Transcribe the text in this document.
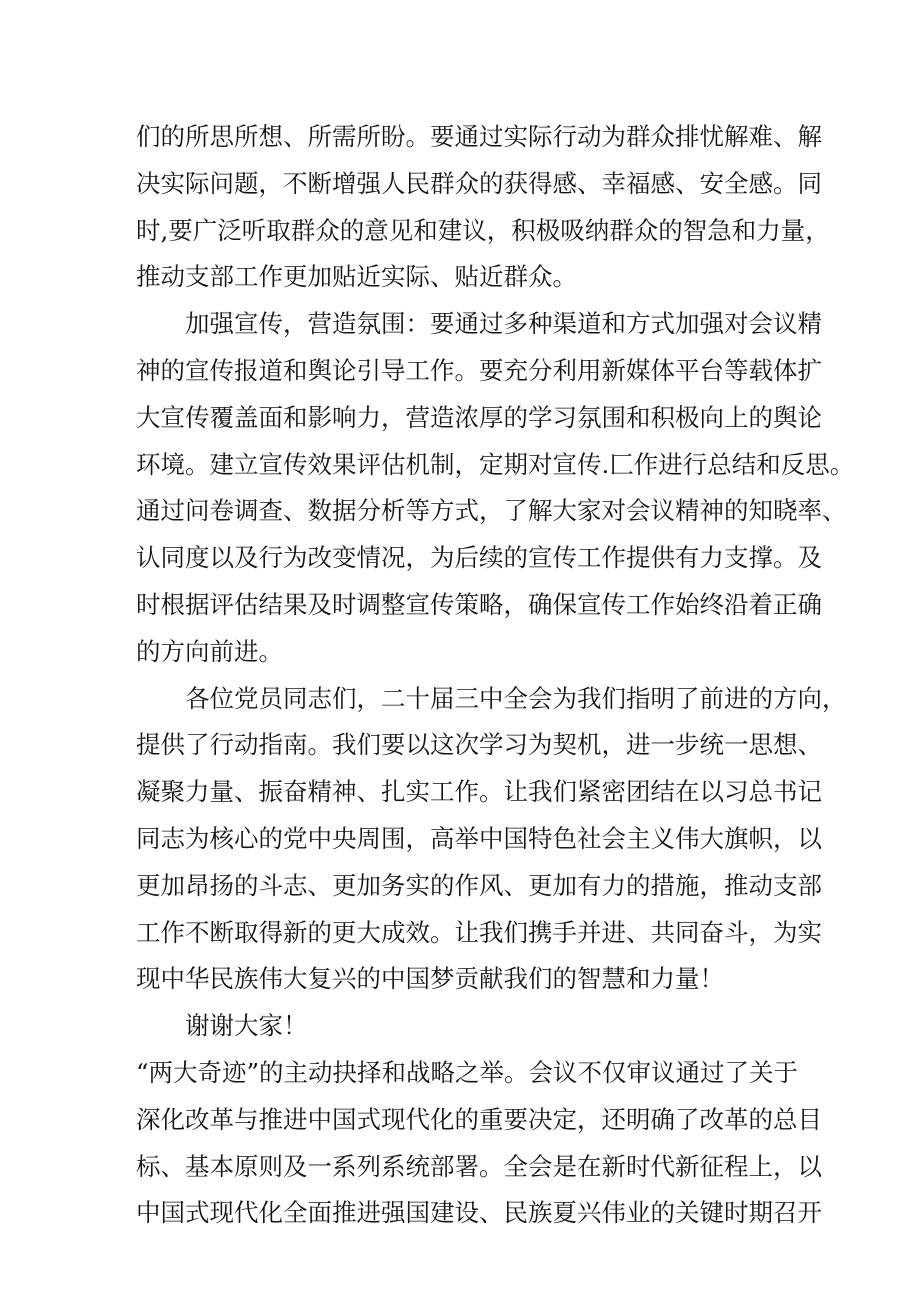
们的所思所想、所需所盼。要通过实际行动为群众排忧解难、解
决实际问题，不断增强人民群众的获得感、幸福感、安全感。同
时,要广泛听取群众的意见和建议，积极吸纳群众的智急和力量，
推动支部工作更加贴近实际、贴近群众。
加强宣传，营造氛围：要通过多种渠道和方式加强对会议精
神的宣传报道和舆论引导工作。要充分利用新媒体平台等载体扩
大宣传覆盖面和影响力，营造浓厚的学习氛围和积极向上的舆论
环境。建立宣传效果评估机制，定期对宣传.匚作进行总结和反思。
通过问卷调查、数据分析等方式，了解大家对会议精神的知晓率、
认同度以及行为改变情况，为后续的宣传工作提供有力支撑。及
时根据评估结果及时调整宣传策略，确保宣传工作始终沿着正确
的方向前进。
各位党员同志们，二十届三中全会为我们指明了前进的方向，
提供了行动指南。我们要以这次学习为契机，进一步统一思想、
凝聚力量、振奋精神、扎实工作。让我们紧密团结在以习总书记
同志为核心的党中央周围，高举中国特色社会主义伟大旗帜，以
更加昂扬的斗志、更加务实的作风、更加有力的措施，推动支部
工作不断取得新的更大成效。让我们携手并进、共同奋斗，为实
现中华民族伟大复兴的中国梦贡献我们的智慧和力量！
谢谢大家！
“两大奇迹”的主动抉择和战略之举。会议不仅审议通过了关于
深化改革与推进中国式现代化的重要决定，还明确了改革的总目
标、基本原则及一系列系统部署。全会是在新时代新征程上，以
中国式现代化全面推进强国建设、民族夏兴伟业的关键时期召开
